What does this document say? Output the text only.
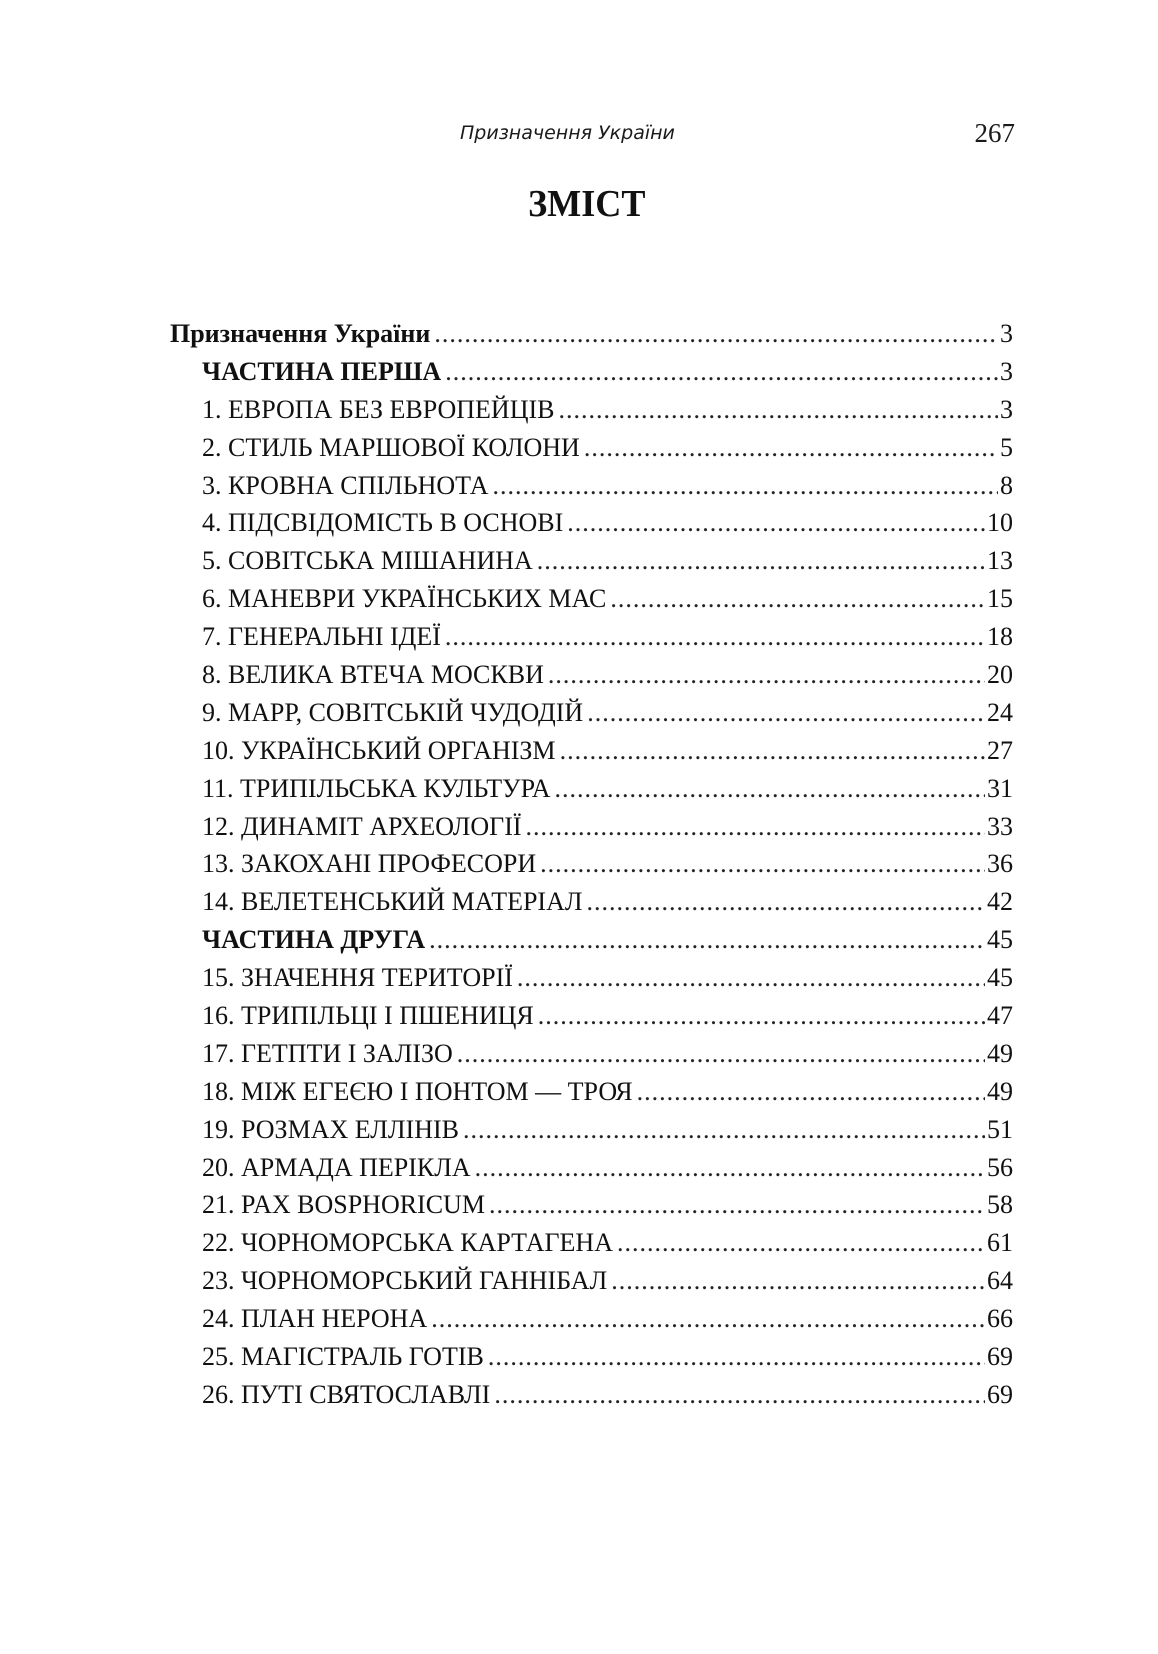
Призначення України	267
ЗМІСТ
Призначення України .....	3
ЧАСТИНА ПЕРША .....	3
1. ЕВРОПА БЕЗ ЕВРОПЕЙЦІВ .....	3
2. СТИЛЬ МАРШОВОЇ КОЛОНИ .....	5
3. КРОВНА СПІЛЬНОТА .....	8
4. ПІДСВІДОМІСТЬ В ОСНОВІ .....	10
5. СОВІТСЬКА МІШАНИНА .....	13
6. МАНЕВРИ УКРАЇНСЬКИХ МАС .....	15
7. ГЕНЕРАЛЬНІ ІДЕЇ .....	18
8. ВЕЛИКА ВТЕЧА МОСКВИ .....	20
9. МАРР, СОВІТСЬКІЙ ЧУДОДІЙ .....	24
10. УКРАЇНСЬКИЙ ОРГАНІЗМ .....	27
11. ТРИПІЛЬСЬКА КУЛЬТУРА .....	31
12. ДИНАМІТ АРХЕОЛОГІЇ .....	33
13. ЗАКОХАНІ ПРОФЕСОРИ .....	36
14. ВЕЛЕТЕНСЬКИЙ МАТЕРІАЛ .....	42
ЧАСТИНА ДРУГА .....	45
15. ЗНАЧЕННЯ ТЕРИТОРІЇ .....	45
16. ТРИПІЛЬЦІ І ПШЕНИЦЯ .....	47
17. ГЕТПТИ І ЗАЛІЗО .....	49
18. МІЖ ЕГЕЄЮ І ПОНТОМ — ТРОЯ .....	49
19. РОЗМАХ ЕЛЛІНІВ .....	51
20. АРМАДА ПЕРІКЛА .....	56
21. PAX BOSPHORICUM .....	58
22. ЧОРНОМОРСЬКА КАРТАГЕНА .....	61
23. ЧОРНОМОРСЬКИЙ ГАННІБАЛ .....	64
24. ПЛАН НЕРОНА .....	66
25. МАГІСТРАЛЬ ГОТІВ .....	69
26. ПУТІ СВЯТОСЛАВЛІ .....	69
